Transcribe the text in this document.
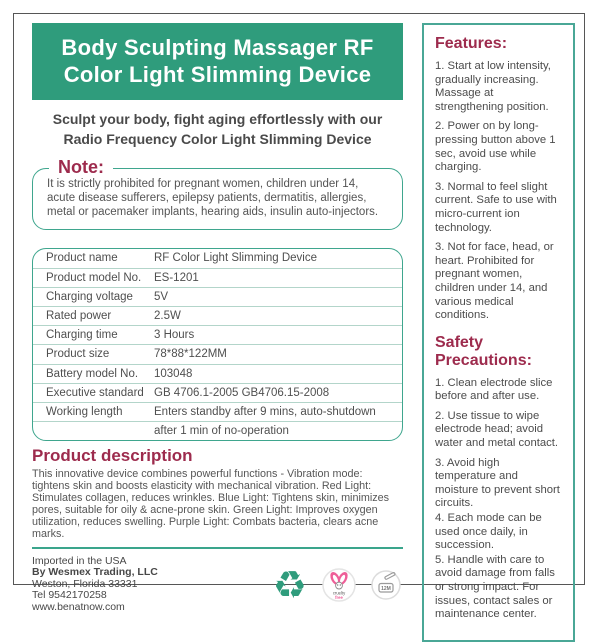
Body Sculpting Massager RF
Color Light Slimming Device
Sculpt your body, fight aging effortlessly with our
Radio Frequency Color Light Slimming Device
Note:
It is strictly prohibited for pregnant women, children under 14, acute disease sufferers, epilepsy patients, dermatitis, allergies, metal or pacemaker implants, hearing aids, insulin auto-injectors.
Product name	RF Color Light Slimming Device
Product model No.	ES-1201
Charging voltage	5V
Rated power	2.5W
Charging time	3 Hours
Product size	78*88*122MM
Battery model No.	103048
Executive standard GB 4706.1-2005 GB4706.15-2008
Working length	Enters standby after 9 mins, auto-shutdown
after 1 min of no-operation
Product description
This innovative device combines powerful functions - Vibration mode: tightens skin and boosts elasticity with mechanical vibration. Red Light: Stimulates collagen, reduces wrinkles. Blue Light: Tightens skin, minimizes pores, suitable for oily & acne-prone skin. Green Light: Improves oxygen utilization, reduces swelling. Purple Light: Combats bacteria, clears acne marks.
Imported in the USA
By Wesmex Trading, LLC
Weston, Florida 33331
Tel 9542170258
www.benatnow.com
♻	cruelty
free
12M
Features:

1. Start at low intensity, gradually increasing. Massage at strengthening position.

2. Power on by long-pressing button above 1 sec, avoid use while charging.

3. Normal to feel slight current. Safe to use with micro-current ion technology.

3. Not for face, head, or heart. Prohibited for pregnant women, children under 14, and various medical conditions.

Safety Precautions:

1. Clean electrode slice before and after use.

2. Use tissue to wipe electrode head; avoid water and metal contact.

3. Avoid high temperature and moisture to prevent short circuits.

4. Each mode can be used once daily, in succession.

5. Handle with care to avoid damage from falls or strong impact. For issues, contact sales or maintenance center.
